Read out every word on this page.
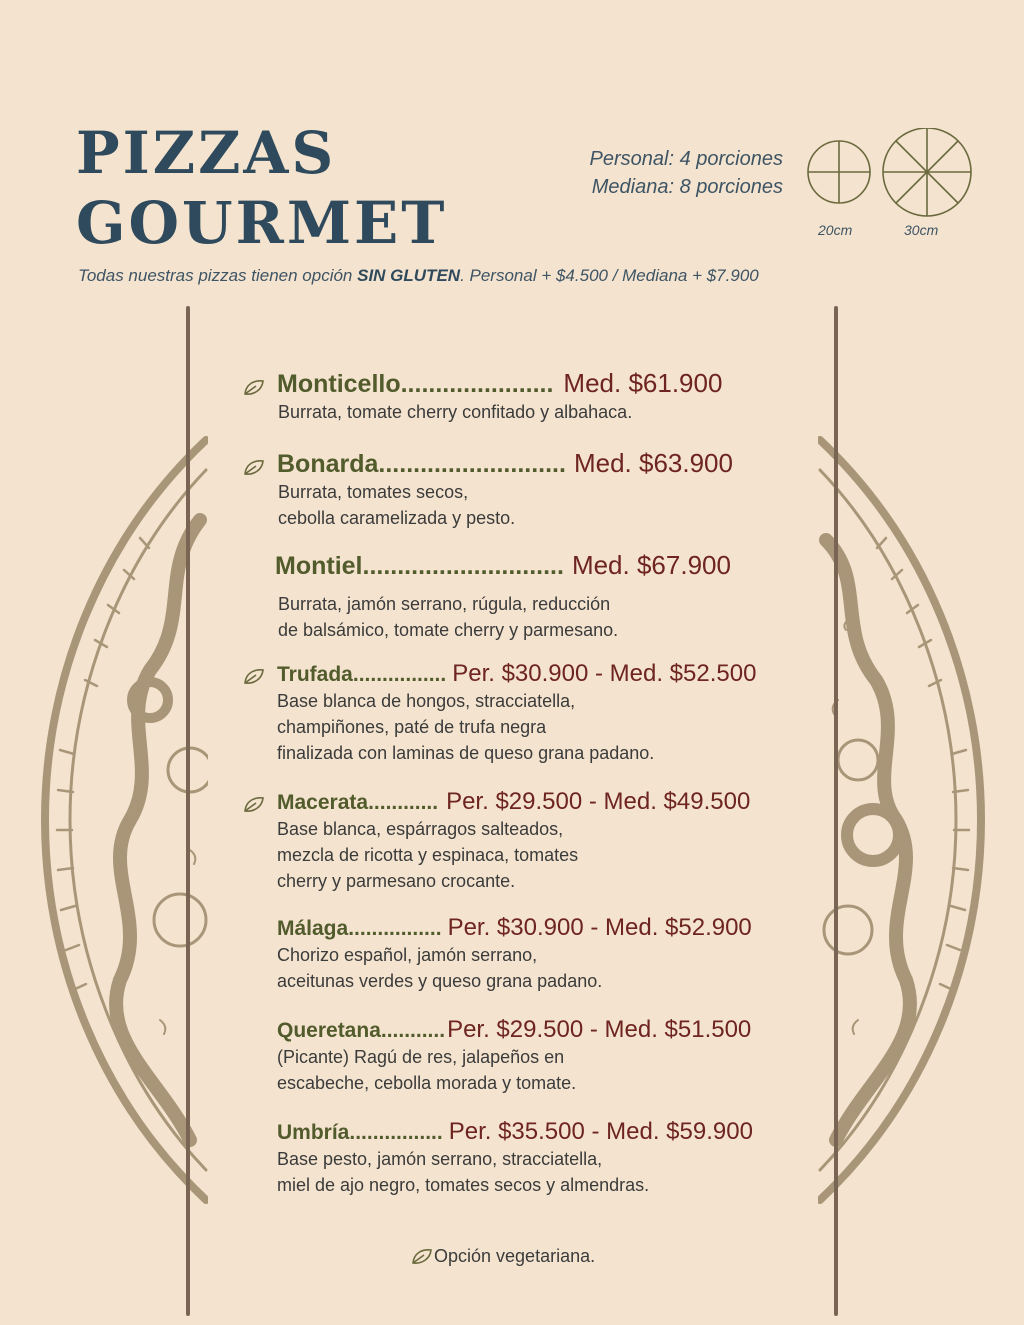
PIZZAS
GOURMET
Personal: 4 porciones
Mediana: 8 porciones
20cm	30cm
Todas nuestras pizzas tienen opción SIN GLUTEN. Personal + $4.500 / Mediana + $7.900
Monticello ...................... Med. $61.900

Burrata, tomate cherry confitado y albahaca.

Bonarda ........................... Med. $63.900

Burrata, tomates secos,
cebolla caramelizada y pesto.

Montiel ............................. Med. $67.900

Burrata, jamón serrano, rúgula, reducción
de balsámico, tomate cherry y parmesano.

Trufada ................ Per. $30.900 - Med. $52.500

Base blanca de hongos, stracciatella,
champiñones, paté de trufa negra
finalizada con laminas de queso grana padano.

Macerata ............ Per. $29.500 - Med. $49.500

Base blanca, espárragos salteados,
mezcla de ricotta y espinaca, tomates
cherry y parmesano crocante.

Málaga ................ Per. $30.900 - Med. $52.900

Chorizo español, jamón serrano,
aceitunas verdes y queso grana padano.

Queretana ........... Per. $29.500 - Med. $51.500

(Picante) Ragú de res, jalapeños en
escabeche, cebolla morada y tomate.

Umbría ................ Per. $35.500 - Med. $59.900

Base pesto, jamón serrano, stracciatella,
miel de ajo negro, tomates secos y almendras.

Opción vegetariana.
